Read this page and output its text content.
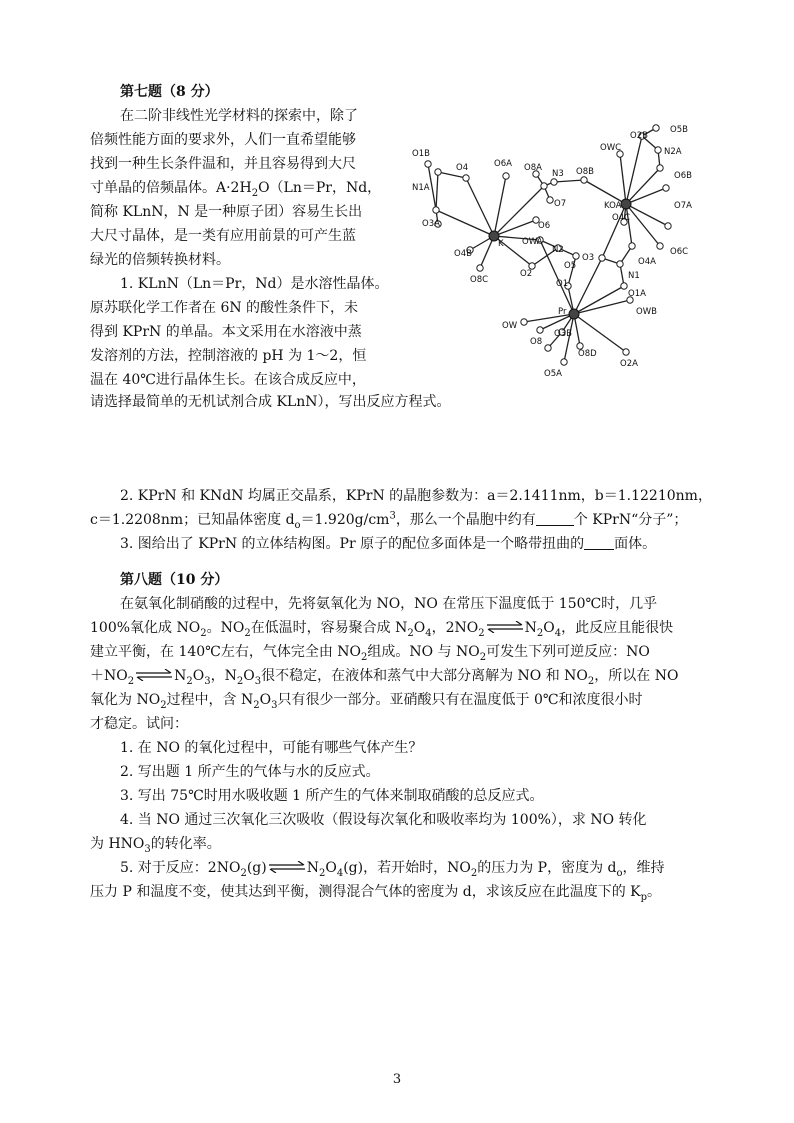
第七题（8 分）
在二阶非线性光学材料的探索中，除了
倍频性能方面的要求外，人们一直希望能够
找到一种生长条件温和，并且容易得到大尺
寸单晶的倍频晶体。$A\cdot 2H_2O(Ln=Pr$，Nd，
简称 KLnN，N 是一种原子团）容易生长出
大尺寸晶体，是一类有应用前景的可产生蓝
绿光的倍频转换材料。
1. KLnN（Ln＝Pr，Nd）是水溶性晶体。
原苏联化学工作者在 6N 的酸性条件下，未
得到 KPrN 的单晶。本文采用在水溶液中蒸
发溶剂的方法，控制溶液的 pH 为 1～2，恒
温在 40℃进行晶体生长。在该合成反应中，
请选择最简单的无机试剂合成 KLnN），写出反应方程式。
2. KPrN 和 KNdN 均属正交晶系，KPrN 的晶胞参数为：a＝2.1411nm，b＝1.12210nm，
c＝1.2208nm；已知晶体密度 $d_o=1.920g/cm^3$，那么一个晶胞中约有	个 KPrN“分子”；
3. 图给出了 KPrN 的立体结构图。Pr 原子的配位多面体是一个略带扭曲的 面体。
O1B
N1A
O4	O6A
O3A
K
O4B
O8C
O8A
N3
O7
O8B
O6
OWA
N2
O2
O5
O1
O3
O2B
O5B
OWC	N2A
O6B
KOA	O7A
O4C
O6C
O4A
N1
O1A
OWB
Pr
OW
O8
O3B
O8D
O2A
O5A
第八题（10 分）
在氨氧化制硝酸的过程中，先将氨氧化为 NO，NO 在常压下温度低于 150℃时，几乎
100%氧化成 $NO_2$。$NO_2$在低温时，容易聚合成 $N_2O_4$，$2NO_2$ $\rightleftharpoons N_2O_4$，此反应且能很快
建立平衡，在 140℃左右，气体完全由 $NO_2$组成。NO 与 $NO_2$可发生下列可逆反应：NO
$+NO_2$ $\rightleftharpoons N_2O_3$，$N_2O_3$很不稳定，在液体和蒸气中大部分离解为 NO 和 $NO_2$，所以在 NO
氧化为 $NO_2$过程中，含 $N_2O_3$只有很少一部分。亚硝酸只有在温度低于 0℃和浓度很小时
才稳定。试问：
1. 在 NO 的氧化过程中，可能有哪些气体产生？
2. 写出题 1 所产生的气体与水的反应式。
3. 写出 75℃时用水吸收题 1 所产生的气体来制取硝酸的总反应式。
4. 当 NO 通过三次氧化三次吸收（假设每次氧化和吸收率均为 100%），求 NO 转化
为 $HNO_3$的转化率。
5. 对于反应：$2NO_2(g)\rightleftharpoons N_2O_4(g)$，若开始时，$NO_2$的压力为 P，密度为 $d_o$，维持
压力 P 和温度不变，使其达到平衡，测得混合气体的密度为 d，求该反应在此温度下的 $K_p$。
3
